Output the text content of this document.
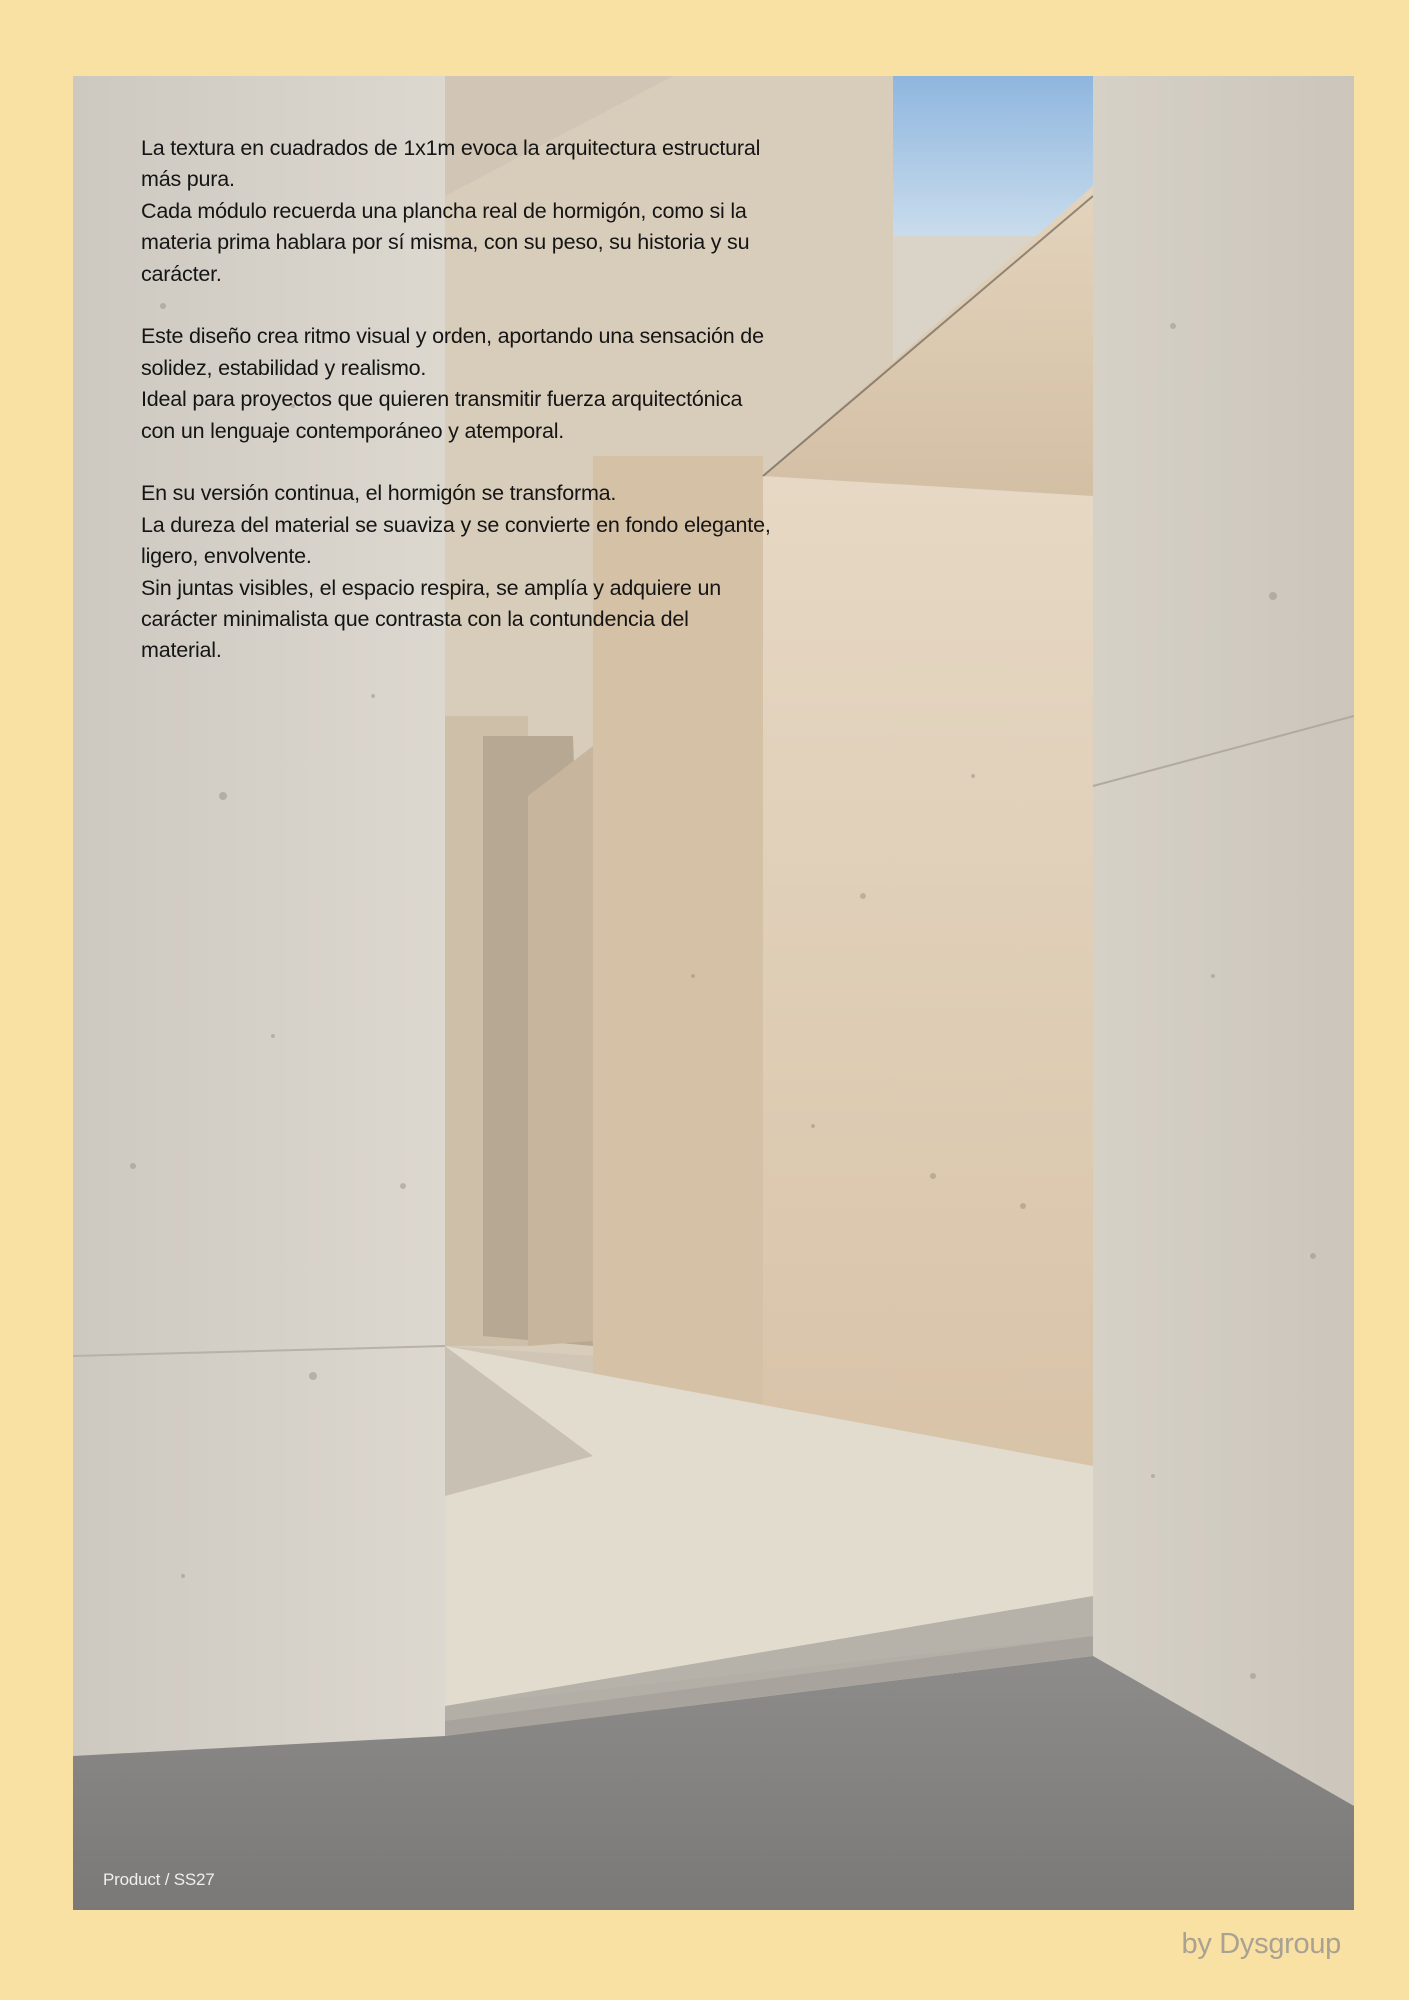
La textura en cuadrados de 1x1m evoca la arquitectura estructural
más pura.
Cada módulo recuerda una plancha real de hormigón, como si la
materia prima hablara por sí misma, con su peso, su historia y su
carácter.

Este diseño crea ritmo visual y orden, aportando una sensación de
solidez, estabilidad y realismo.
Ideal para proyectos que quieren transmitir fuerza arquitectónica
con un lenguaje contemporáneo y atemporal.

En su versión continua, el hormigón se transforma.
La dureza del material se suaviza y se convierte en fondo elegante,
ligero, envolvente.
Sin juntas visibles, el espacio respira, se amplía y adquiere un
carácter minimalista que contrasta con la contundencia del
material.

Product / SS27
by Dysgroup
